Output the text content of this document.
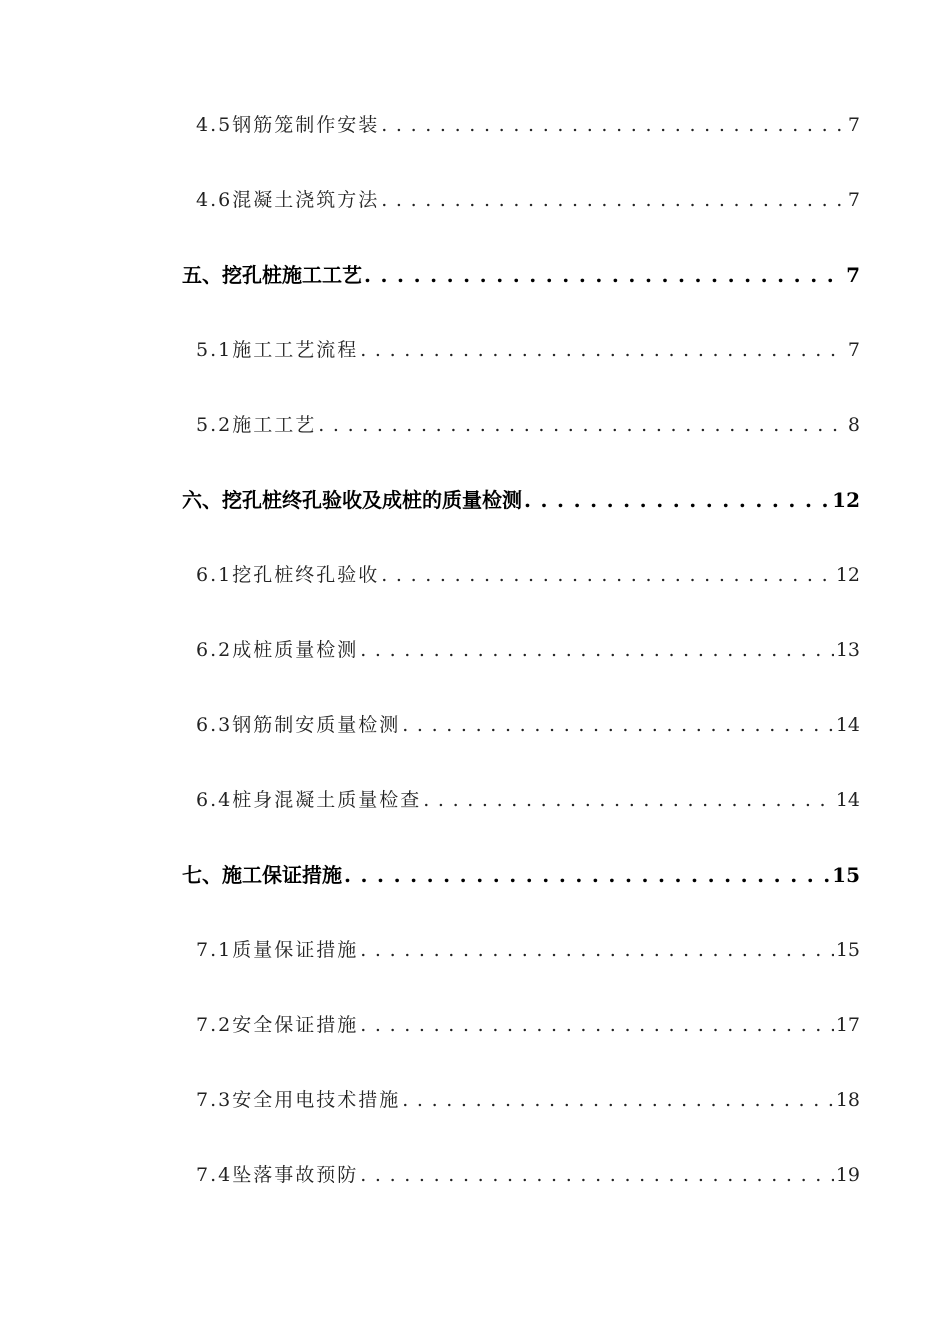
4.5钢筋笼制作安装 . . .	7
4.6混凝土浇筑方法 . . .	7
五、挖孔桩施工工艺 . . .	7
5.1施工工艺流程 . . .	7
5.2施工工艺 . . .	8
六、挖孔桩终孔验收及成桩的质量检测 . . .	12
6.1挖孔桩终孔验收 . . .	12
6.2成桩质量检测 . . .	13
6.3钢筋制安质量检测 . . .	14
6.4桩身混凝土质量检查 . . .	14
七、施工保证措施 . . .	15
7.1质量保证措施 . . .	15
7.2安全保证措施 . . .	17
7.3安全用电技术措施 . . .	18
7.4坠落事故预防 . . .	19
